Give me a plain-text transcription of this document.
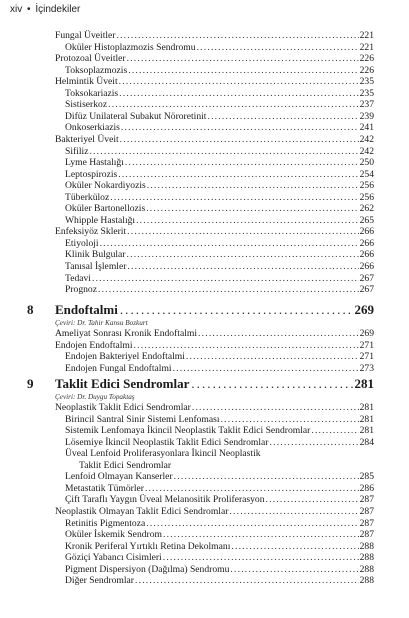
xiv • İçindekiler
Fungal Üveitler . . .	221
Oküler Histoplazmozis Sendromu . . .	221
Protozoal Üveitler . . .	226
Toksoplazmozis . . .	226
Helmintik Üveit . . .	235
Toksokariazis . . .	235
Sistiserkoz . . .	237
Difüz Unilateral Subakut Nöroretinit . . .	239
Onkoserkiazis . . .	241
Bakteriyel Üveit . . .	242
Sifiliz . . .	242
Lyme Hastalığı . . .	250
Leptospirozis . . .	254
Oküler Nokardiyozis . . .	256
Tüberküloz . . .	256
Oküler Bartonellozis . . .	262
Whipple Hastalığı . . .	265
Enfeksiyöz Sklerit . . .	266
Etiyoloji . . .	266
Klinik Bulgular . . .	266
Tanısal İşlemler . . .	266
Tedavi . . .	267
Prognoz . . .	267
8 Endoftalmi . . .	269
Çeviri: Dr. Tahir Kansu Bozkurt
Ameliyat Sonrası Kronik Endoftalmi . . .	269
Endojen Endoftalmi . . .	271
Endojen Bakteriyel Endoftalmi . . .	271
Endojen Fungal Endoftalmi . . .	273
9 Taklit Edici Sendromlar . . .	281
Çeviri: Dr. Duygu Topaktaş
Neoplastik Taklit Edici Sendromlar . . .	281
Birincil Santral Sinir Sistemi Lenfoması . . .	281
Sistemik Lenfomaya İkincil Neoplastik Taklit Edici Sendromlar . . .	281
Lösemiye İkincil Neoplastik Taklit Edici Sendromlar . . .	284
Üveal Lenfoid Proliferasyonlara İkincil Neoplastik
Taklit Edici Sendromlar
Lenfoid Olmayan Kanserler . . .	285
Metastatik Tümörler . . .	286
Çift Taraflı Yaygın Üveal Melanositik Proliferasyon . . .	287
Neoplastik Olmayan Taklit Edici Sendromlar . . .	287
Retinitis Pigmentoza . . .	287
Oküler İskemik Sendrom . . .	287
Kronik Periferal Yırtıklı Retina Dekolmanı . . .	288
Göziçi Yabancı Cisimleri . . .	288
Pigment Dispersiyon (Dağılma) Sendromu . . .	288
Diğer Sendromlar . . .	288
